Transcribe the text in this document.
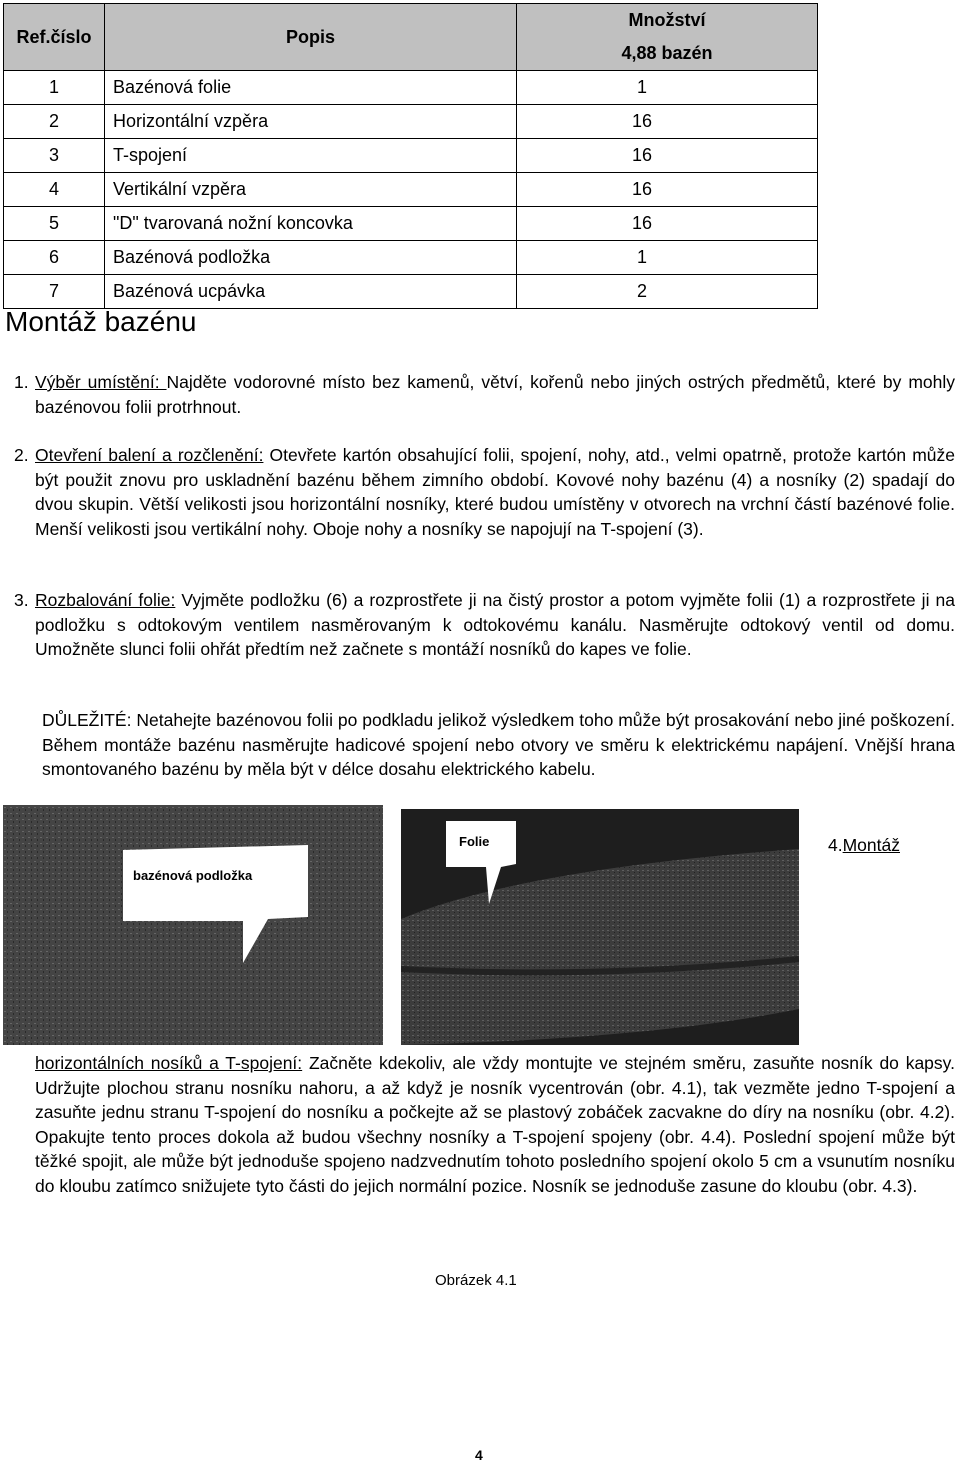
Ref.číslo	Popis	Množství
		4,88 bazén
1	Bazénová folie	1
2	Horizontální vzpěra	16
3	T-spojení	16
4	Vertikální vzpěra	16
5	"D" tvarovaná nožní koncovka	16
6	Bazénová podložka	1
7	Bazénová ucpávka	2
Montáž bazénu
1. Výběr umístění: Najděte vodorovné místo bez kamenů, větví, kořenů nebo jiných ostrých předmětů, které by mohly bazénovou folii protrhnout.
2. Otevření balení a rozčlenění: Otevřete kartón obsahující folii, spojení, nohy, atd., velmi opatrně, protože kartón může být použit znovu pro uskladnění bazénu během zimního období. Kovové nohy bazénu (4) a nosníky (2) spadají do dvou skupin. Větší velikosti jsou horizontální nosníky, které budou umístěny v otvorech na vrchní částí bazénové folie. Menší velikosti jsou vertikální nohy. Oboje nohy a nosníky se napojují na T-spojení (3).
3. Rozbalování folie: Vyjměte podložku (6) a rozprostřete ji na čistý prostor a potom vyjměte folii (1) a rozprostřete ji na podložku s odtokovým ventilem nasměrovaným k odtokovému kanálu. Nasměrujte odtokový ventil od domu. Umožněte slunci folii ohřát předtím než začnete s montáží nosníků do kapes ve folie.
DŮLEŽITÉ: Netahejte bazénovou folii po podkladu jelikož výsledkem toho může být prosakování nebo jiné poškození. Během montáže bazénu nasměrujte hadicové spojení nebo otvory ve směru k elektrickému napájení. Vnější hrana smontovaného bazénu by měla být v délce dosahu elektrického kabelu.
bazénová podložka
Folie	4.Montáž
horizontálních nosíků a T-spojení: Začněte kdekoliv, ale vždy montujte ve stejném směru, zasuňte nosník do kapsy. Udržujte plochou stranu nosníku nahoru, a až když je nosník vycentrován (obr. 4.1), tak vezměte jedno T-spojení a zasuňte jednu stranu T-spojení do nosníku a počkejte až se plastový zobáček zacvakne do díry na nosníku (obr. 4.2). Opakujte tento proces dokola až budou všechny nosníky a T-spojení spojeny (obr. 4.4). Poslední spojení může být těžké spojit, ale může být jednoduše spojeno nadzvednutím tohoto posledního spojení okolo 5 cm a vsunutím nosníku do kloubu zatímco snižujete tyto části do jejich normální pozice. Nosník se jednoduše zasune do kloubu (obr. 4.3).
Obrázek 4.1
4
